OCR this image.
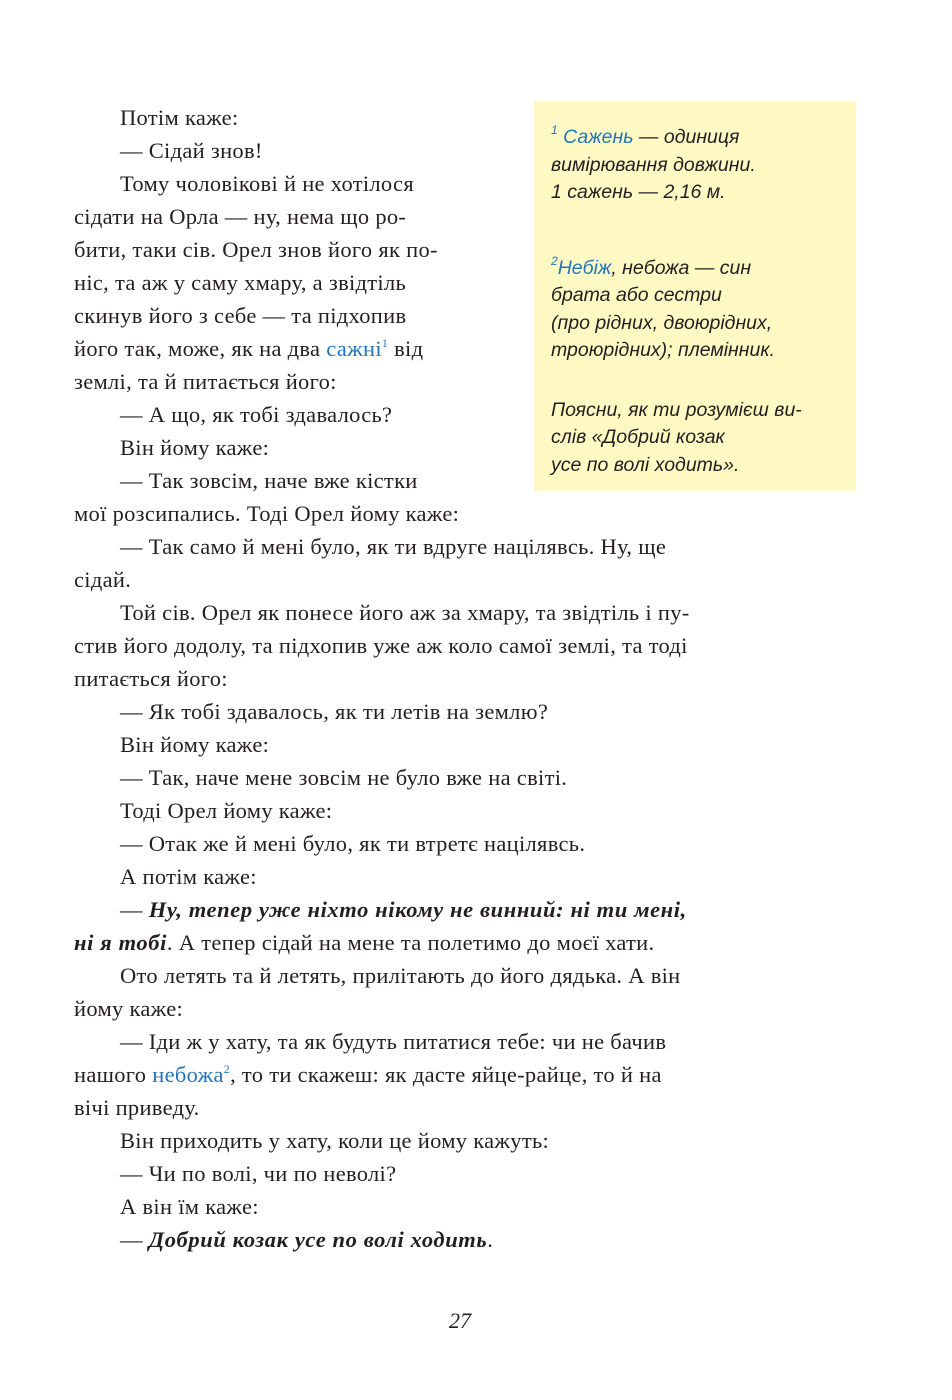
$^1$ Сажень — одиниця

вимірювання довжини.

1 сажень — 2,16 м.

$^2$Небіж, небожа — син

брата або сестри

(про рідних, двоюрідних,

троюрідних); племінник.

Поясни, як ти розумієш ви-

слів «Добрий козак

усе по волі ходить».

Потім каже:

— Сідай знов!

Тому чоловікові й не хотілося

сідати на Орла — ну, нема що ро-

бити, таки сів. Орел знов його як по-

ніс, та аж у саму хмару, а звідтіль

скинув його з себе — та підхопив

його так, може, як на два сажні$^1$ від

землі, та й питається його:

— А що, як тобі здавалось?

Він йому каже:

— Так зовсім, наче вже кістки

мої розсипались. Тоді Орел йому каже:

— Так само й мені було, як ти вдруге націлявсь. Ну, ще

сідай.

Той сів. Орел як понесе його аж за хмару, та звідтіль і пу-

стив його додолу, та підхопив уже аж коло самої землі, та тоді

питається його:

— Як тобі здавалось, як ти летів на землю?

Він йому каже:

— Так, наче мене зовсім не було вже на світі.

Тоді Орел йому каже:

— Отак же й мені було, як ти втретє націлявсь.

А потім каже:

— Ну, тепер уже ніхто нікому не винний: ні ти мені,

ні я тобі. А тепер сідай на мене та полетимо до моєї хати.

Ото летять та й летять, прилітають до його дядька. А він

йому каже:

— Іди ж у хату, та як будуть питатися тебе: чи не бачив

нашого небожа$^2$, то ти скажеш: як дасте яйце-райце, то й на

вічі приведу.

Він приходить у хату, коли це йому кажуть:

— Чи по волі, чи по неволі?

А він їм каже:

— Добрий козак усе по волі ходить.

27
